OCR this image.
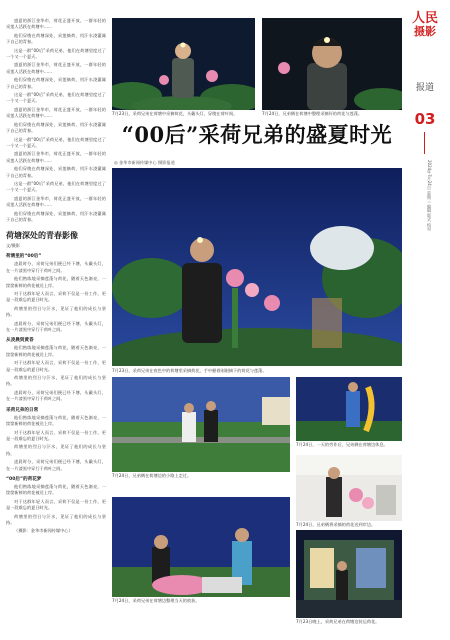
人民
摄影
报道
03
2024年7月24日 星期三 编辑 版式 校对

盛夏的浙江金华市，荷花正盛开放，一群年轻的采莲人活跃在荷塘中……

他们穿梭在荷塘深处，采莲摘荷，用汗水浇灌属于自己的青春。

这是一群“00后”采荷兄弟，他们在荷塘里度过了一个又一个夏天。

盛夏的浙江金华市，荷花正盛开放，一群年轻的采莲人活跃在荷塘中……

他们穿梭在荷塘深处，采莲摘荷，用汗水浇灌属于自己的青春。

这是一群“00后”采荷兄弟，他们在荷塘里度过了一个又一个夏天。

盛夏的浙江金华市，荷花正盛开放，一群年轻的采莲人活跃在荷塘中……

他们穿梭在荷塘深处，采莲摘荷，用汗水浇灌属于自己的青春。

这是一群“00后”采荷兄弟，他们在荷塘里度过了一个又一个夏天。

盛夏的浙江金华市，荷花正盛开放，一群年轻的采莲人活跃在荷塘中……

他们穿梭在荷塘深处，采莲摘荷，用汗水浇灌属于自己的青春。

这是一群“00后”采荷兄弟，他们在荷塘里度过了一个又一个夏天。

盛夏的浙江金华市，荷花正盛开放，一群年轻的采莲人活跃在荷塘中……

他们穿梭在荷塘深处，采莲摘荷，用汗水浇灌属于自己的青春。

荷塘深处的青春影像
文/摄影
荷塘里的“00后”

凌晨时分，采荷兄弟们便已经下塘，头戴头灯，在一片漆黑中穿行于荷叶之间。

他们熟练地采摘莲蓬与荷花，随着天色渐亮，一筐筐新鲜的荷花被送上岸。

对于这群年轻人而言，采荷不仅是一份工作，更是一段难忘的夏日时光。

荷塘里的烈日与汗水，见证了他们的成长与坚持。

凌晨时分，采荷兄弟们便已经下塘，头戴头灯，在一片漆黑中穿行于荷叶之间。

从凌晨到黄昏

他们熟练地采摘莲蓬与荷花，随着天色渐亮，一筐筐新鲜的荷花被送上岸。

对于这群年轻人而言，采荷不仅是一份工作，更是一段难忘的夏日时光。

荷塘里的烈日与汗水，见证了他们的成长与坚持。

凌晨时分，采荷兄弟们便已经下塘，头戴头灯，在一片漆黑中穿行于荷叶之间。

采荷兄弟的日常

他们熟练地采摘莲蓬与荷花，随着天色渐亮，一筐筐新鲜的荷花被送上岸。

对于这群年轻人而言，采荷不仅是一份工作，更是一段难忘的夏日时光。

荷塘里的烈日与汗水，见证了他们的成长与坚持。

凌晨时分，采荷兄弟们便已经下塘，头戴头灯，在一片漆黑中穿行于荷叶之间。

“00后”的荷花梦

他们熟练地采摘莲蓬与荷花，随着天色渐亮，一筐筐新鲜的荷花被送上岸。

对于这群年轻人而言，采荷不仅是一份工作，更是一段难忘的夏日时光。

荷塘里的烈日与汗水，见证了他们的成长与坚持。

（摄影：金华市新闻传媒中心）

7月23日，采荷兄弟在荷塘中采摘荷花，头戴头灯，穿梭在荷叶间。	7月24日，兄弟俩在荷塘中整理采摘好的荷花与莲蓬。
“00后”采荷兄弟的盛夏时光
◎ 金华市新闻传媒中心 摄影报道
7月23日，采荷兄弟在夜色中的荷塘里采摘荷花，手中握着刚刚摘下的荷花与莲蓬。
7月24日，兄弟俩在荷塘边的小路上走过。
7月24日，一天的劳作后，兄弟俩在荷塘边休息。
7月24日，兄弟俩将采摘的荷花送到岸边。
7月24日，采荷兄弟在荷塘边整理当天的收获。
7月23日晚上，采荷兄弟在荷塘边装运荷花。
